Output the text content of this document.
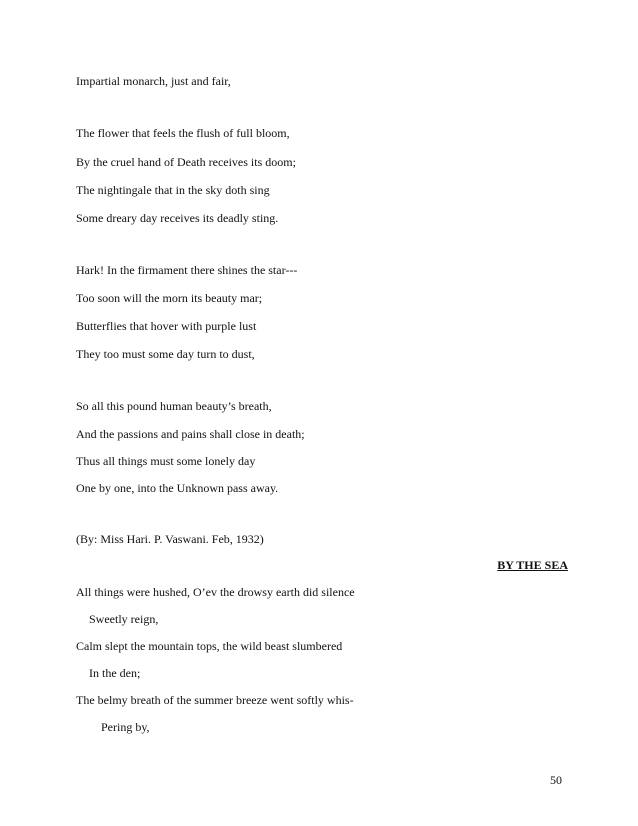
Impartial monarch, just and fair,
The flower that feels the flush of full bloom,
By the cruel hand of Death receives its doom;
The nightingale that in the sky doth sing
Some dreary day receives its deadly sting.
Hark! In the firmament there shines the star---
Too soon will the morn its beauty mar;
Butterflies that hover with purple lust
They too must some day turn to dust,
So all this pound human beauty’s breath,
And the passions and pains shall close in death;
Thus all things must some lonely day
One by one, into the Unknown pass away.
(By: Miss Hari. P. Vaswani. Feb, 1932)
BY THE SEA
All things were hushed, O’ev the drowsy earth did silence
Sweetly reign,
Calm slept the mountain tops, the wild beast slumbered
In the den;
The belmy breath of the summer breeze went softly whis-
Pering by,
50
